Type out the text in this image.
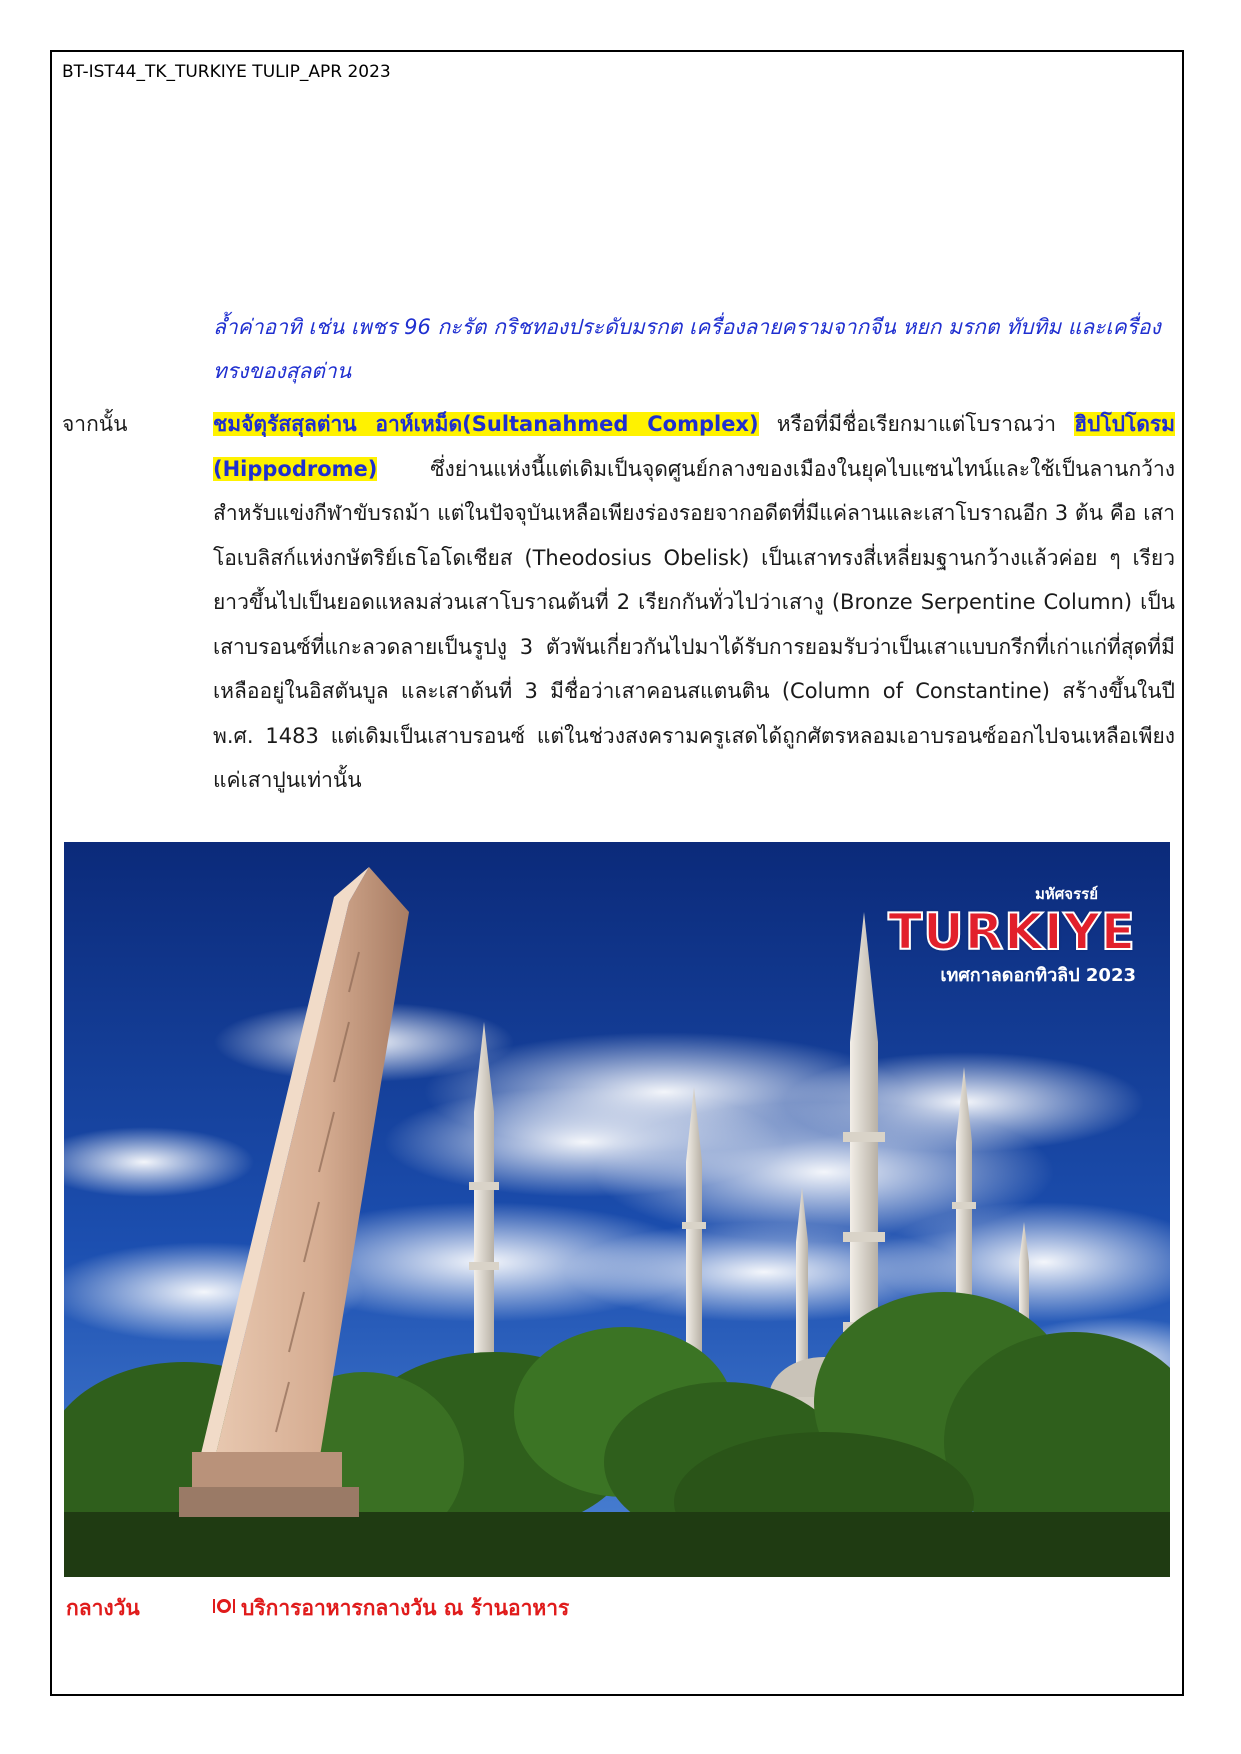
BT-IST44_TK_TURKIYE TULIP_APR 2023
ล้ำค่าอาทิ เช่น เพชร 96 กะรัต กริชทองประดับมรกต เครื่องลายครามจากจีน หยก มรกต ทับทิม และเครื่องทรงของสุลต่าน
จากนั้น	ชมจัตุรัสสุลต่าน อาห์เหม็ด(Sultanahmed Complex) หรือที่มีชื่อเรียกมาแต่โบราณว่า ฮิปโปโดรม (Hippodrome) ซึ่งย่านแห่งนี้แต่เดิมเป็นจุดศูนย์กลางของเมืองในยุคไบแซนไทน์และใช้เป็นลานกว้างสำหรับแข่งกีฬาขับรถม้า แต่ในปัจจุบันเหลือเพียงร่องรอยจากอดีตที่มีแค่ลานและเสาโบราณอีก 3 ต้น คือ เสาโอเบลิสก์แห่งกษัตริย์เธโอโดเชียส (Theodosius Obelisk) เป็นเสาทรงสี่เหลี่ยมฐานกว้างแล้วค่อย ๆ เรียวยาวขึ้นไปเป็นยอดแหลมส่วนเสาโบราณต้นที่ 2 เรียกกันทั่วไปว่าเสางู (Bronze Serpentine Column) เป็นเสาบรอนซ์ที่แกะลวดลายเป็นรูปงู 3 ตัวพันเกี่ยวกันไปมาได้รับการยอมรับว่าเป็นเสาแบบกรีกที่เก่าแก่ที่สุดที่มีเหลืออยู่ในอิสตันบูล และเสาต้นที่ 3 มีชื่อว่าเสาคอนสแตนติน (Column of Constantine) สร้างขึ้นในปี พ.ศ. 1483 แต่เดิมเป็นเสาบรอนซ์ แต่ในช่วงสงครามครูเสดได้ถูกศัตรหลอมเอาบรอนซ์ออกไปจนเหลือเพียงแค่เสาปูนเท่านั้น
มหัศจรรย์
TURKIYE
เทศกาลดอกทิวลิป 2023
กลางวัน	บริการอาหารกลางวัน ณ ร้านอาหาร
